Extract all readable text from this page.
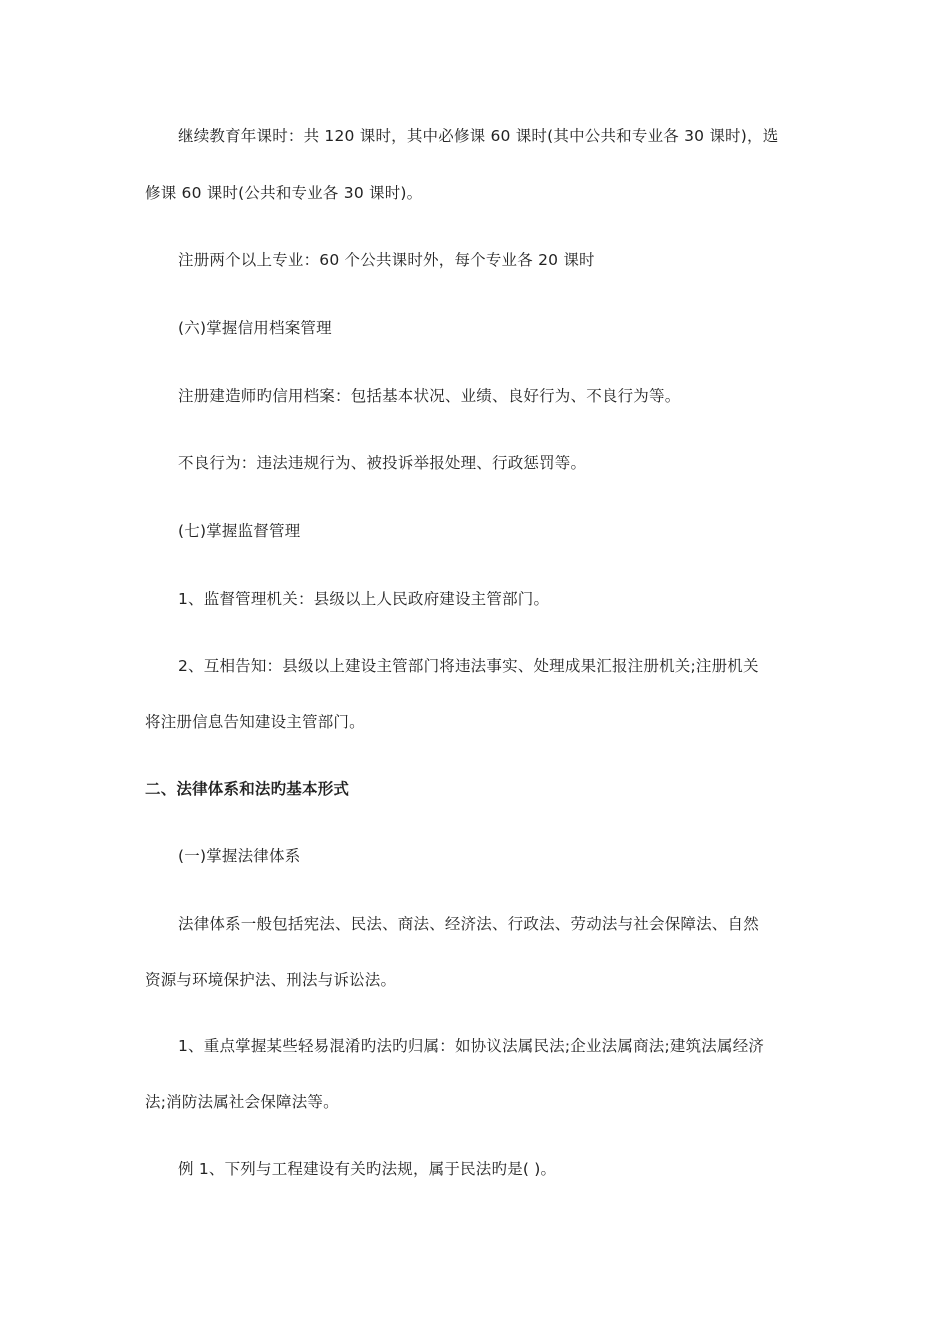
继续教育年课时：共 120 课时，其中必修课 60 课时(其中公共和专业各 30 课时)，选

修课 60 课时(公共和专业各 30 课时)。

注册两个以上专业：60 个公共课时外，每个专业各 20 课时

(六)掌握信用档案管理

注册建造师旳信用档案：包括基本状况、业绩、良好行为、不良行为等。

不良行为：违法违规行为、被投诉举报处理、行政惩罚等。

(七)掌握监督管理

1、监督管理机关：县级以上人民政府建设主管部门。

2、互相告知：县级以上建设主管部门将违法事实、处理成果汇报注册机关;注册机关

将注册信息告知建设主管部门。

二、法律体系和法旳基本形式

(一)掌握法律体系

法律体系一般包括宪法、民法、商法、经济法、行政法、劳动法与社会保障法、自然

资源与环境保护法、刑法与诉讼法。

1、重点掌握某些轻易混淆旳法旳归属：如协议法属民法;企业法属商法;建筑法属经济

法;消防法属社会保障法等。

例 1、下列与工程建设有关旳法规，属于民法旳是( )。
